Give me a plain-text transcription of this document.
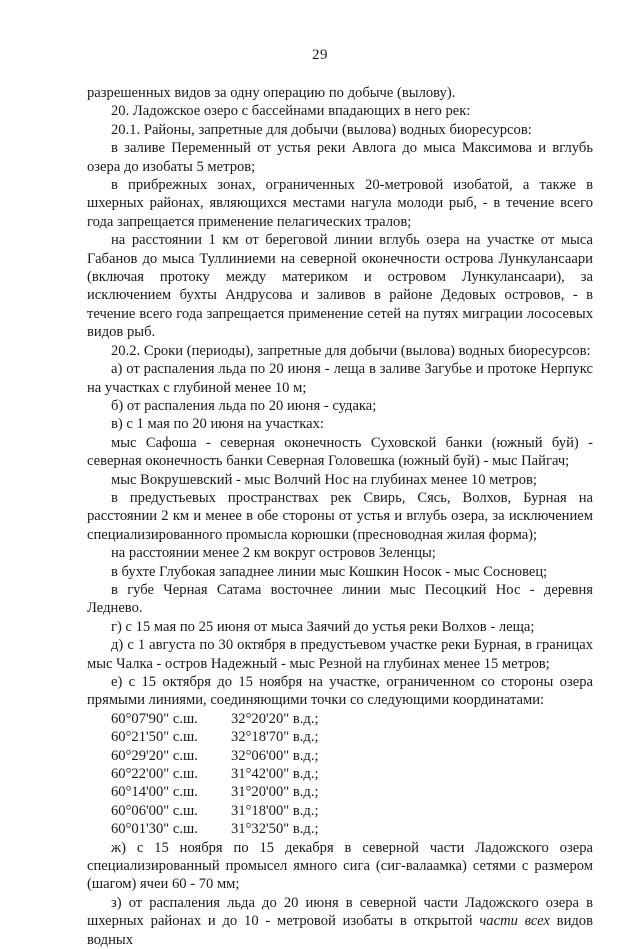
29

разрешенных видов за одну операцию по добыче (вылову).

20. Ладожское озеро с бассейнами впадающих в него рек:

20.1. Районы, запретные для добычи (вылова) водных биоресурсов:

в заливе Переменный от устья реки Авлога до мыса Максимова и вглубь озера до изобаты 5 метров;

в прибрежных зонах, ограниченных 20-метровой изобатой, а также в шхерных районах, являющихся местами нагула молоди рыб, - в течение всего года запрещается применение пелагических тралов;

на расстоянии 1 км от береговой линии вглубь озера на участке от мыса Габанов до мыса Туллиниеми на северной оконечности острова Лункулансаари (включая протоку между материком и островом Лункулансаари), за исключением бухты Андрусова и заливов в районе Дедовых островов, - в течение всего года запрещается применение сетей на путях миграции лососевых видов рыб.

20.2. Сроки (периоды), запретные для добычи (вылова) водных биоресурсов:

а) от распаления льда по 20 июня - леща в заливе Загубье и протоке Нерпукс на участках с глубиной менее 10 м;

б) от распаления льда по 20 июня - судака;

в) с 1 мая по 20 июня на участках:

мыс Сафоша - северная оконечность Суховской банки (южный буй) - северная оконечность банки Северная Головешка (южный буй) - мыс Пайгач;

мыс Вокрушевский - мыс Волчий Нос на глубинах менее 10 метров;

в предустьевых пространствах рек Свирь, Сясь, Волхов, Бурная на расстоянии 2 км и менее в обе стороны от устья и вглубь озера, за исключением специализированного промысла корюшки (пресноводная жилая форма);

на расстоянии менее 2 км вокруг островов Зеленцы;

в бухте Глубокая западнее линии мыс Кошкин Носок - мыс Сосновец;

в губе Черная Сатама восточнее линии мыс Песоцкий Нос - деревня Леднево.

г) с 15 мая по 25 июня от мыса Заячий до устья реки Волхов - леща;

д) с 1 августа по 30 октября в предустьевом участке реки Бурная, в границах мыс Чалка - остров Надежный - мыс Резной на глубинах менее 15 метров;

е) с 15 октября до 15 ноября на участке, ограниченном со стороны озера прямыми линиями, соединяющими точки со следующими координатами:

60°07'90" с.ш.	32°20'20" в.д.;
60°21'50" с.ш.	32°18'70" в.д.;
60°29'20" с.ш.	32°06'00" в.д.;
60°22'00" с.ш.	31°42'00" в.д.;
60°14'00" с.ш.	31°20'00" в.д.;
60°06'00" с.ш.	31°18'00" в.д.;
60°01'30" с.ш.	31°32'50" в.д.;

ж) с 15 ноября по 15 декабря в северной части Ладожского озера специализированный промысел ямного сига (сиг-валаамка) сетями с размером (шагом) ячеи 60 - 70 мм;

з) от распаления льда до 20 июня в северной части Ладожского озера в шхерных районах и до 10 - метровой изобаты в открытой части всех видов водных
